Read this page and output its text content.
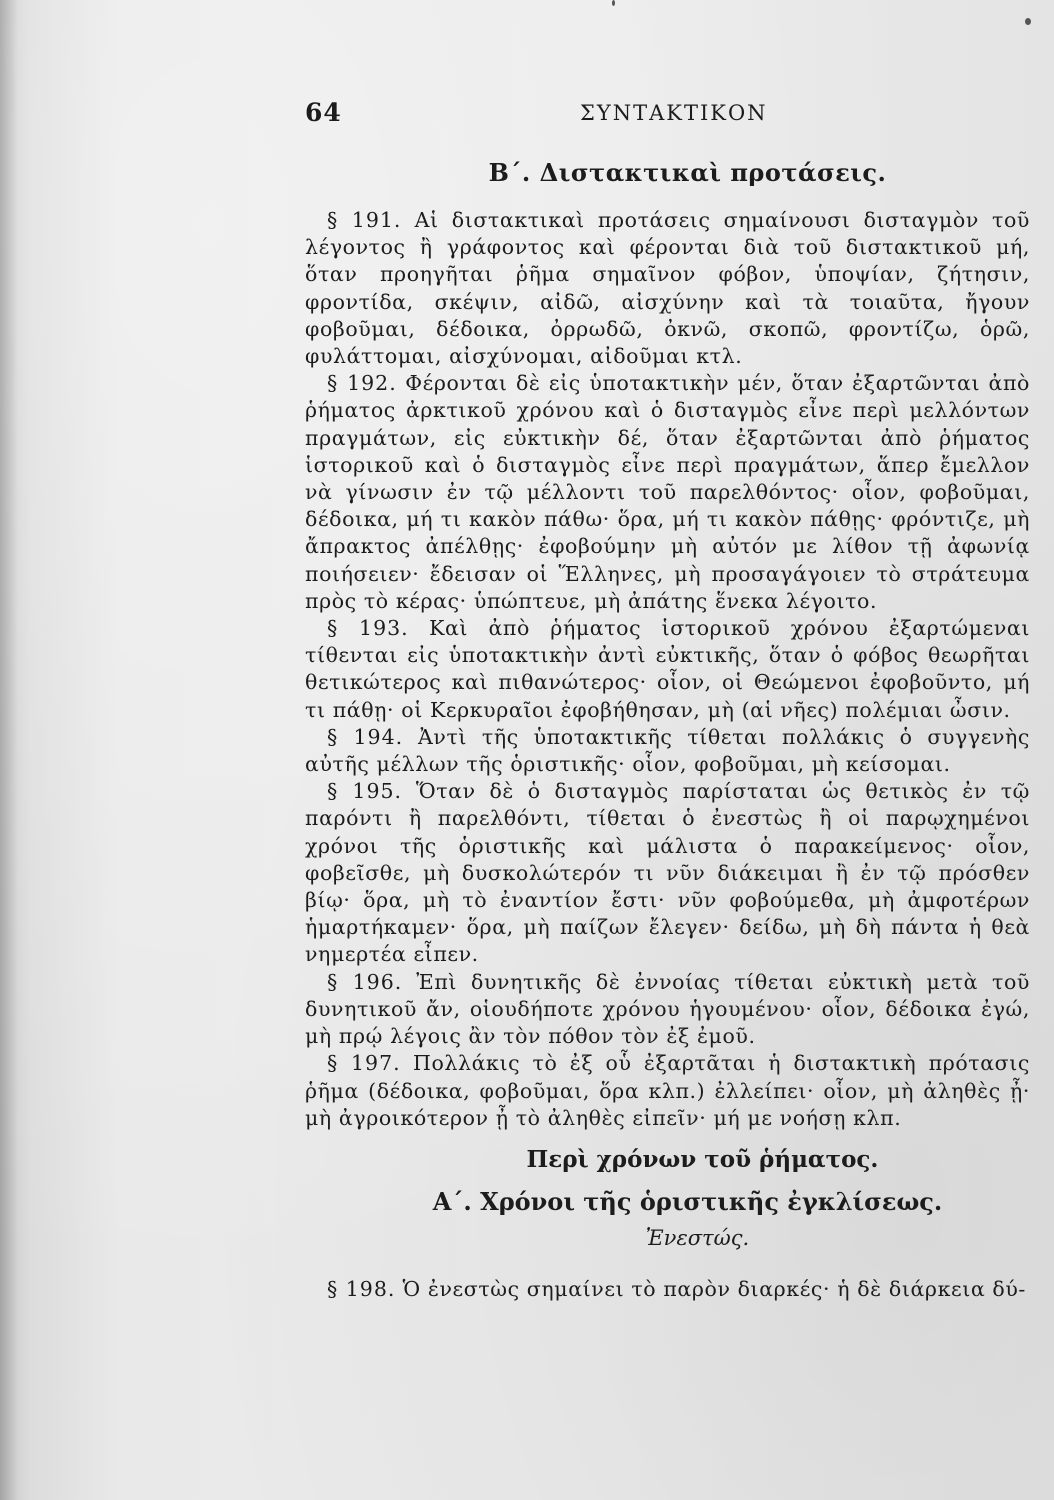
64	ΣΥΝΤΑΚΤΙΚΟΝ
Β΄. Διστακτικαὶ προτάσεις.

§ 191. Αἱ διστακτικαὶ προτάσεις σημαίνουσι δισταγμὸν τοῦ λέγοντος ἢ γράφοντος καὶ φέρονται διὰ τοῦ διστακτικοῦ μή, ὅταν προηγῆται ῥῆμα σημαῖνον φόβον, ὑποψίαν, ζήτησιν, φροντίδα, σκέψιν, αἰδῶ, αἰσχύνην καὶ τὰ τοιαῦτα, ἤγουν φοβοῦμαι, δέδοικα, ὀρρωδῶ, ὀκνῶ, σκοπῶ, φροντίζω, ὁρῶ, φυλάττομαι, αἰσχύνομαι, αἰδοῦμαι κτλ.

§ 192. Φέρονται δὲ εἰς ὑποτακτικὴν μέν, ὅταν ἐξαρτῶνται ἀπὸ ῥήματος ἀρκτικοῦ χρόνου καὶ ὁ δισταγμὸς εἶνε περὶ μελλόντων πραγμάτων, εἰς εὐκτικὴν δέ, ὅταν ἐξαρτῶνται ἀπὸ ῥήματος ἱστορικοῦ καὶ ὁ δισταγμὸς εἶνε περὶ πραγμάτων, ἅπερ ἔμελλον νὰ γίνωσιν ἐν τῷ μέλλοντι τοῦ παρελθόντος· οἷον, φοβοῦμαι, δέδοικα, μή τι κακὸν πάθω· ὅρα, μή τι κακὸν πάθῃς· φρόντιζε, μὴ ἄπρακτος ἀπέλθῃς· ἐφοβούμην μὴ αὐτόν με λίθον τῇ ἀφωνίᾳ ποιήσειεν· ἔδεισαν οἱ Ἕλληνες, μὴ προσαγάγοιεν τὸ στράτευμα πρὸς τὸ κέρας· ὑπώπτευε, μὴ ἀπάτης ἕνεκα λέγοιτο.

§ 193. Καὶ ἀπὸ ῥήματος ἱστορικοῦ χρόνου ἐξαρτώμεναι τίθενται εἰς ὑποτακτικὴν ἀντὶ εὐκτικῆς, ὅταν ὁ φόβος θεωρῆται θετικώτερος καὶ πιθανώτερος· οἷον, οἱ Θεώμενοι ἐφοβοῦντο, μή τι πάθῃ· οἱ Κερκυραῖοι ἐφοβήθησαν, μὴ (αἱ νῆες) πολέμιαι ὦσιν.

§ 194. Ἀντὶ τῆς ὑποτακτικῆς τίθεται πολλάκις ὁ συγγενὴς αὐτῆς μέλλων τῆς ὁριστικῆς· οἷον, φοβοῦμαι, μὴ κείσομαι.

§ 195. Ὅταν δὲ ὁ δισταγμὸς παρίσταται ὡς θετικὸς ἐν τῷ παρόντι ἢ παρελθόντι, τίθεται ὁ ἐνεστὼς ἢ οἱ παρῳχημένοι χρόνοι τῆς ὁριστικῆς καὶ μάλιστα ὁ παρακείμενος· οἷον, φοβεῖσθε, μὴ δυσκολώτερόν τι νῦν διάκειμαι ἢ ἐν τῷ πρόσθεν βίῳ· ὅρα, μὴ τὸ ἐναντίον ἔστι· νῦν φοβούμεθα, μὴ ἀμφοτέρων ἡμαρτήκαμεν· ὅρα, μὴ παίζων ἔλεγεν· δείδω, μὴ δὴ πάντα ἡ θεὰ νημερτέα εἶπεν.

§ 196. Ἐπὶ δυνητικῆς δὲ ἐννοίας τίθεται εὐκτικὴ μετὰ τοῦ δυνητικοῦ ἄν, οἱουδήποτε χρόνου ἡγουμένου· οἷον, δέδοικα ἐγώ, μὴ πρῴ λέγοις ἂν τὸν πόθον τὸν ἐξ ἐμοῦ.

§ 197. Πολλάκις τὸ ἐξ οὗ ἐξαρτᾶται ἡ διστακτικὴ πρότασις ῥῆμα (δέδοικα, φοβοῦμαι, ὅρα κλπ.) ἐλλείπει· οἷον, μὴ ἀληθὲς ᾖ· μὴ ἀγροικότερον ᾖ τὸ ἀληθὲς εἰπεῖν· μή με νοήσῃ κλπ.

Περὶ χρόνων τοῦ ῥήματος.
Α΄. Χρόνοι τῆς ὁριστικῆς ἐγκλίσεως.
Ἐνεστώς.

§ 198. Ὁ ἐνεστὼς σημαίνει τὸ παρὸν διαρκές· ἡ δὲ διάρκεια δύ-
